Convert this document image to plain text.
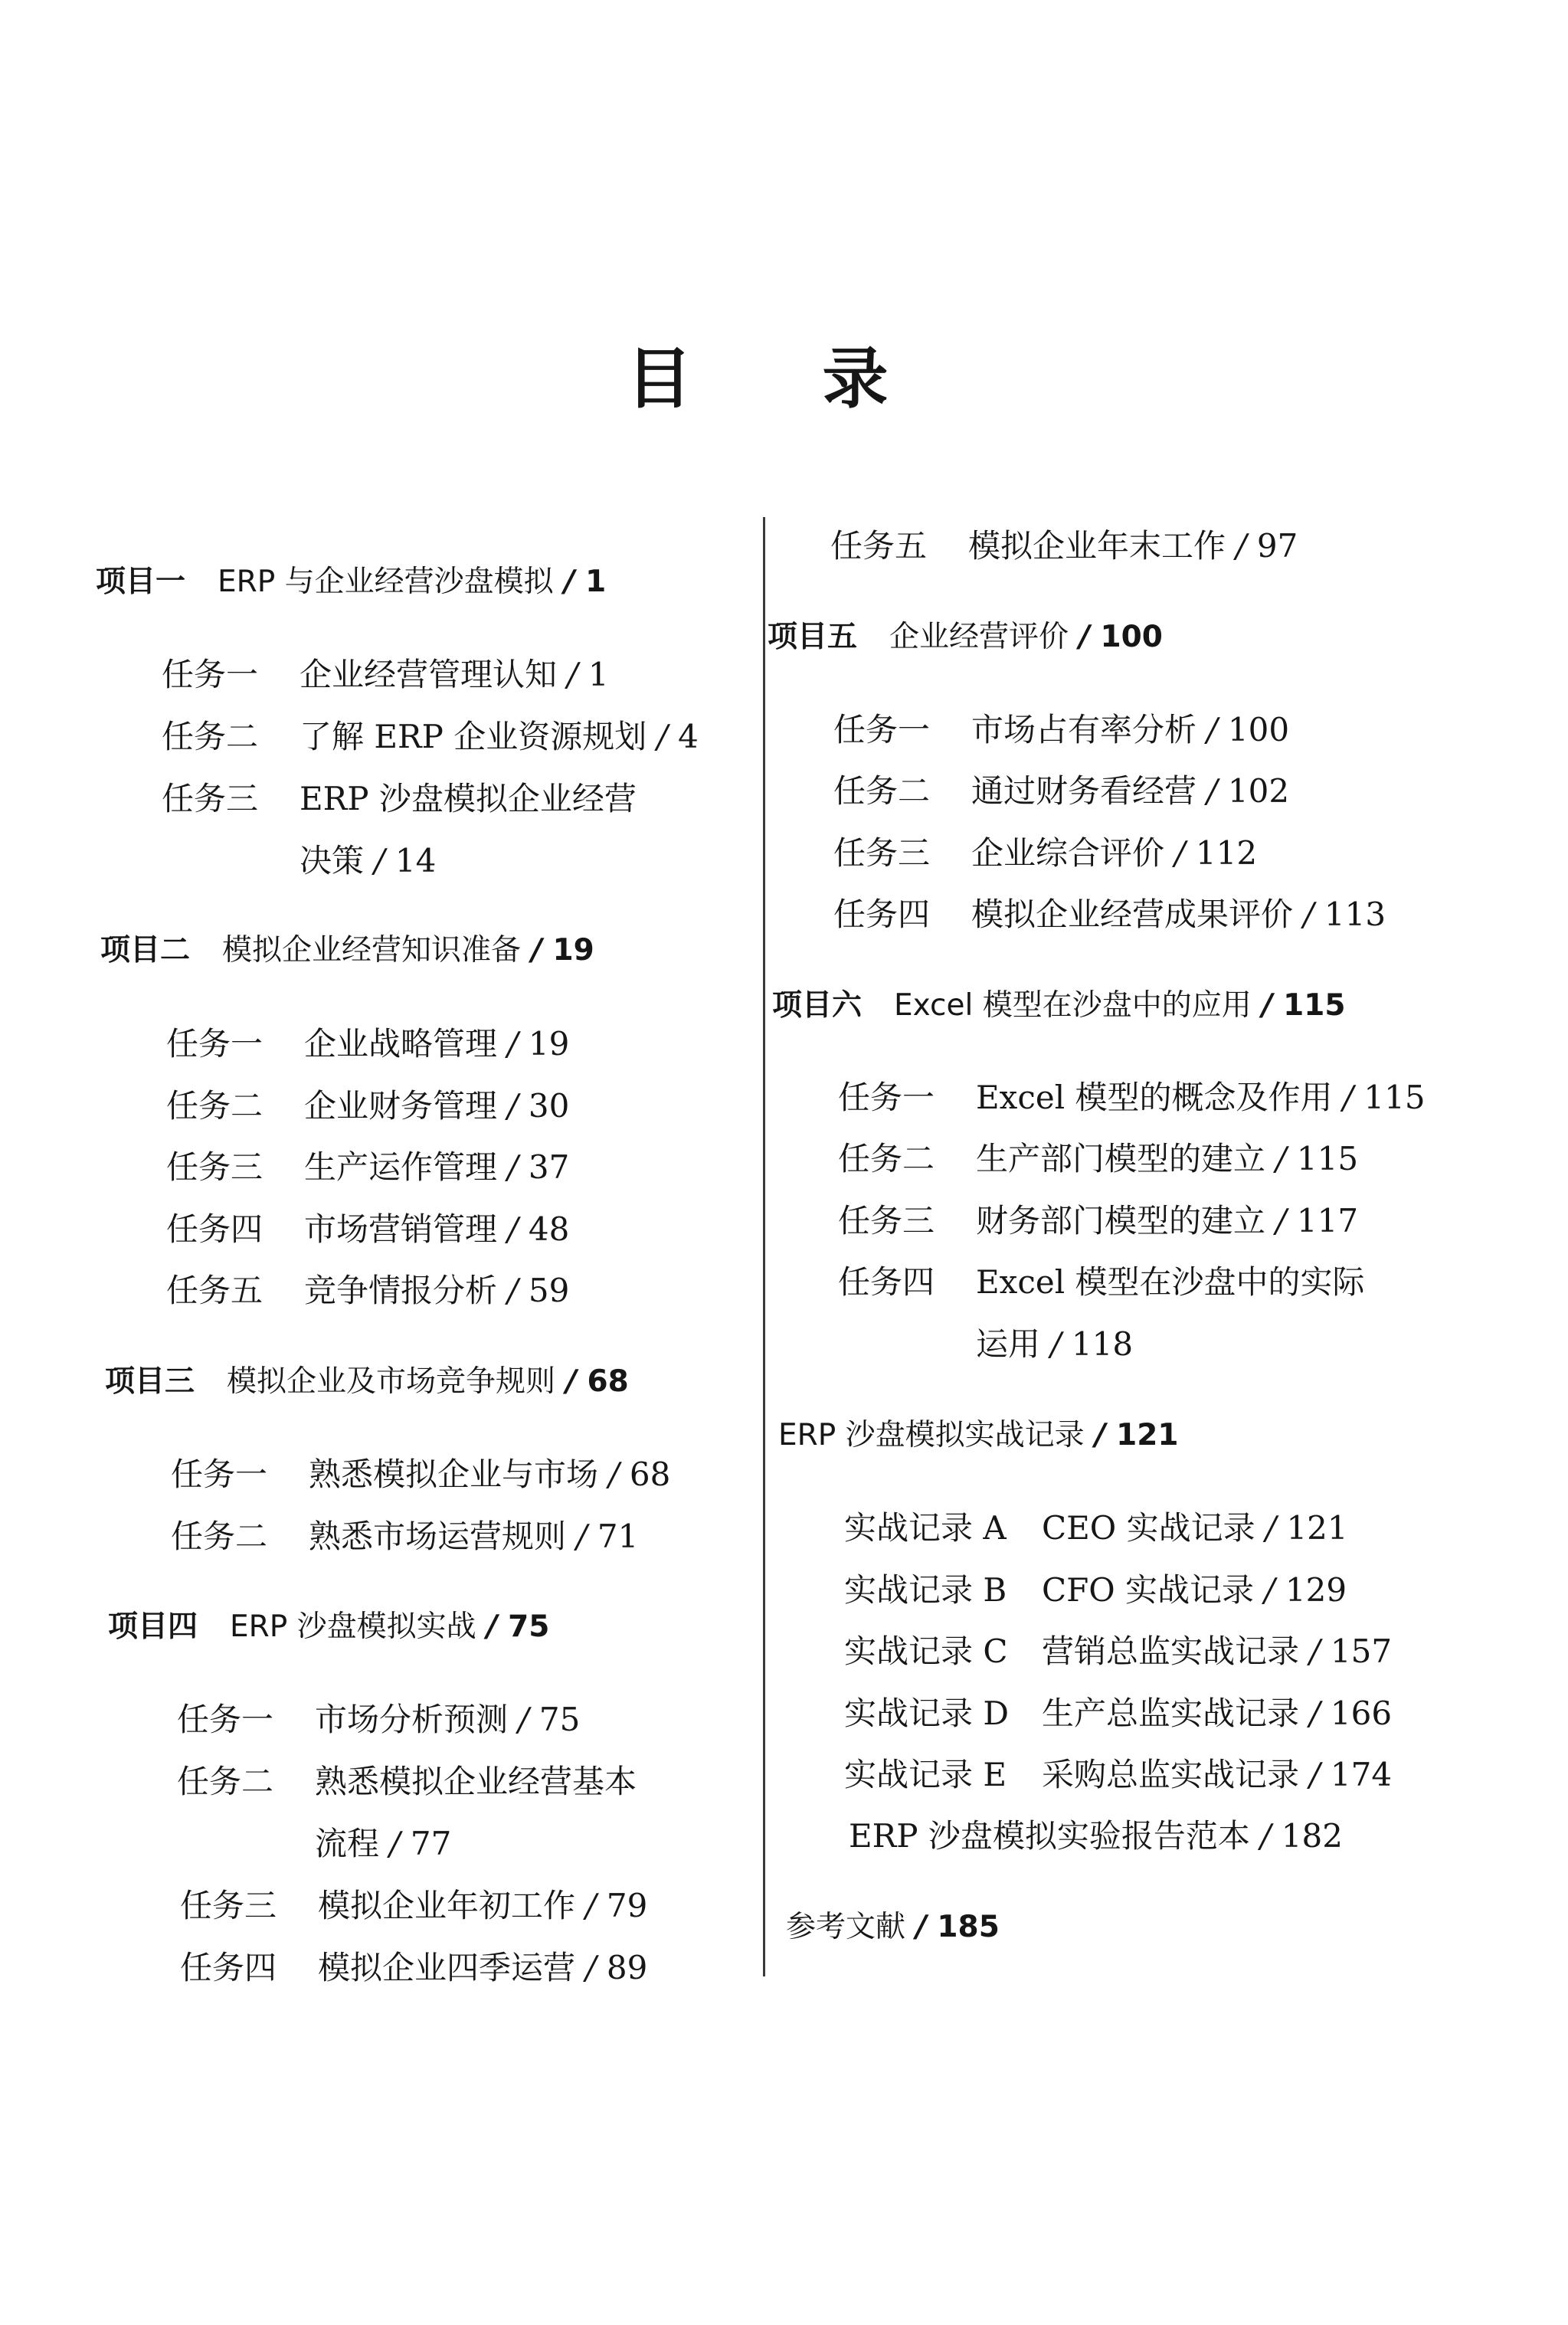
目 录
项目一 ERP 与企业经营沙盘模拟 / 1
任务一 企业经营管理认知 / 1
任务二 了解 ERP 企业资源规划 / 4
任务三 ERP 沙盘模拟企业经营
决策 / 14
项目二 模拟企业经营知识准备 / 19
任务一 企业战略管理 / 19
任务二 企业财务管理 / 30
任务三 生产运作管理 / 37
任务四 市场营销管理 / 48
任务五 竞争情报分析 / 59
项目三 模拟企业及市场竞争规则 / 68
任务一 熟悉模拟企业与市场 / 68
任务二 熟悉市场运营规则 / 71
项目四 ERP 沙盘模拟实战 / 75
任务一 市场分析预测 / 75
任务二 熟悉模拟企业经营基本
流程 / 77
任务三 模拟企业年初工作 / 79
任务四 模拟企业四季运营 / 89
任务五 模拟企业年末工作 / 97
项目五 企业经营评价 / 100
任务一 市场占有率分析 / 100
任务二 通过财务看经营 / 102
任务三 企业综合评价 / 112
任务四 模拟企业经营成果评价 / 113
项目六 Excel 模型在沙盘中的应用 / 115
任务一 Excel 模型的概念及作用 / 115
任务二 生产部门模型的建立 / 115
任务三 财务部门模型的建立 / 117
任务四 Excel 模型在沙盘中的实际
运用 / 118
ERP 沙盘模拟实战记录 / 121
实战记录 A CEO 实战记录 / 121
实战记录 B CFO 实战记录 / 129
实战记录 C 营销总监实战记录 / 157
实战记录 D 生产总监实战记录 / 166
实战记录 E 采购总监实战记录 / 174
ERP 沙盘模拟实验报告范本 / 182
参考文献 / 185
